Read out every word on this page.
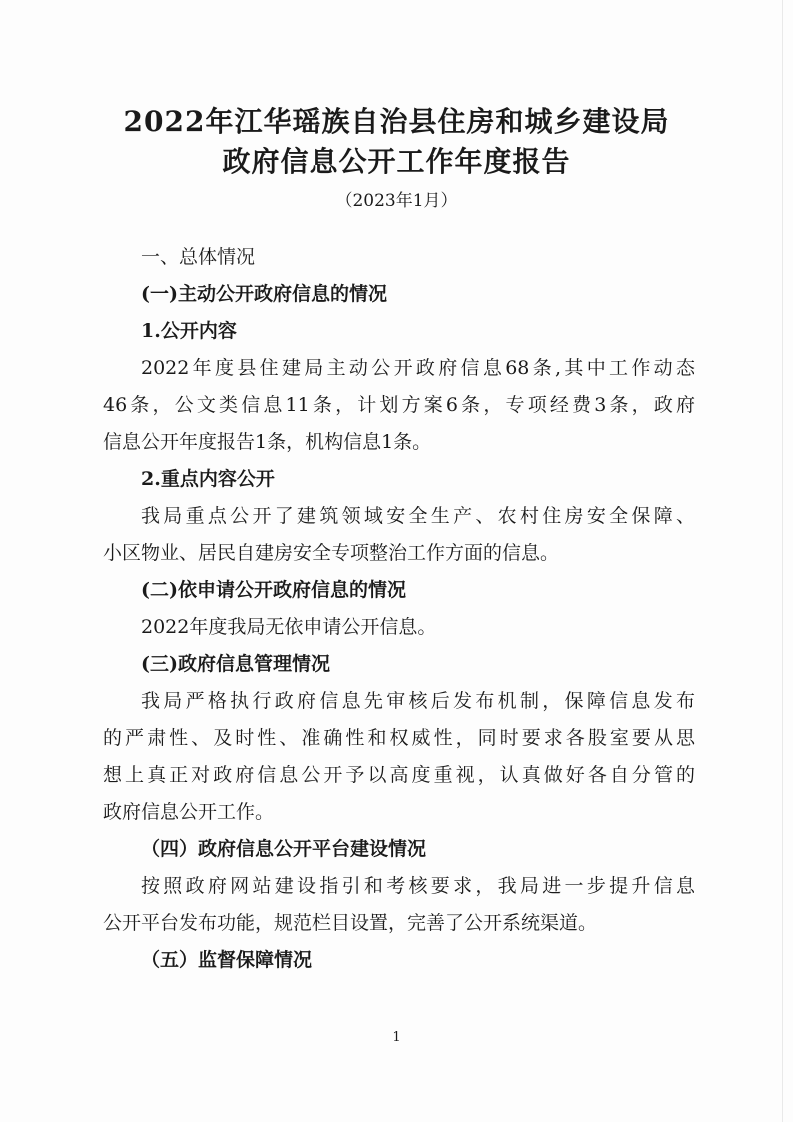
2022年江华瑶族自治县住房和城乡建设局
政府信息公开工作年度报告

（2023年1月）

一、总体情况

(一)主动公开政府信息的情况

1.公开内容

2022年度县住建局主动公开政府信息68条,其中工作动态

46条，公文类信息11条，计划方案6条，专项经费3条，政府

信息公开年度报告1条，机构信息1条。

2.重点内容公开

我局重点公开了建筑领域安全生产、农村住房安全保障、

小区物业、居民自建房安全专项整治工作方面的信息。

(二)依申请公开政府信息的情况

2022年度我局无依申请公开信息。

(三)政府信息管理情况

我局严格执行政府信息先审核后发布机制，保障信息发布

的严肃性、及时性、准确性和权威性，同时要求各股室要从思

想上真正对政府信息公开予以高度重视，认真做好各自分管的

政府信息公开工作。

（四）政府信息公开平台建设情况

按照政府网站建设指引和考核要求，我局进一步提升信息

公开平台发布功能，规范栏目设置，完善了公开系统渠道。

（五）监督保障情况

1
